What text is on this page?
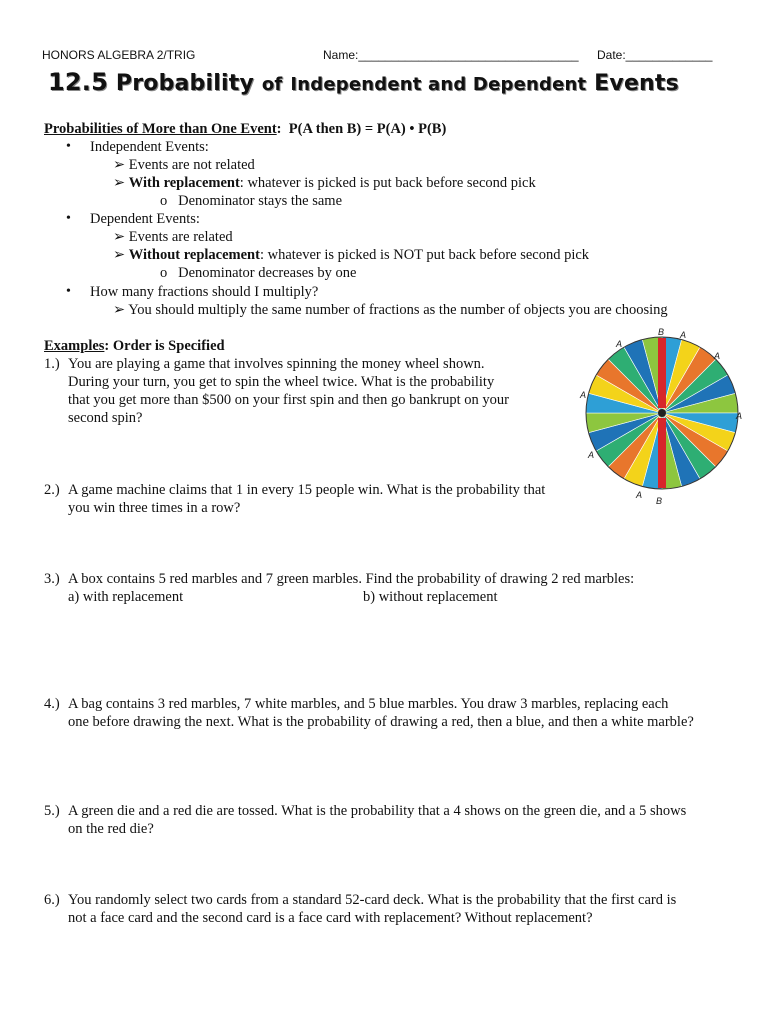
HONORS ALGEBRA 2/TRIG	Name:_________________________________ Date:_____________
12.5 Probability of Independent and Dependent Events
Probabilities of More than One Event:  P(A then B) = P(A) • P(B)
• Independent Events:
➢ Events are not related
➢ With replacement: whatever is picked is put back before second pick
o   Denominator stays the same
• Dependent Events:
➢ Events are related
➢ Without replacement: whatever is picked is NOT put back before second pick
o   Denominator decreases by one
• How many fractions should I multiply?
➢ You should multiply the same number of fractions as the number of objects you are choosing
Examples: Order is Specified
1.) You are playing a game that involves spinning the money wheel shown.
During your turn, you get to spin the wheel twice. What is the probability
that you get more than $500 on your first spin and then go bankrupt on your
second spin?
2.) A game machine claims that 1 in every 15 people win. What is the probability that
you win three times in a row?
3.) A box contains 5 red marbles and 7 green marbles. Find the probability of drawing 2 red marbles:
a) with replacement	b) without replacement
4.) A bag contains 3 red marbles, 7 white marbles, and 5 blue marbles. You draw 3 marbles, replacing each
one before drawing the next. What is the probability of drawing a red, then a blue, and then a white marble?
5.) A green die and a red die are tossed. What is the probability that a 4 shows on the green die, and a 5 shows
on the red die?
6.) You randomly select two cards from a standard 52-card deck. What is the probability that the first card is
not a face card and the second card is a face card with replacement? Without replacement?
B A
A
A
A
A
B
A
A
